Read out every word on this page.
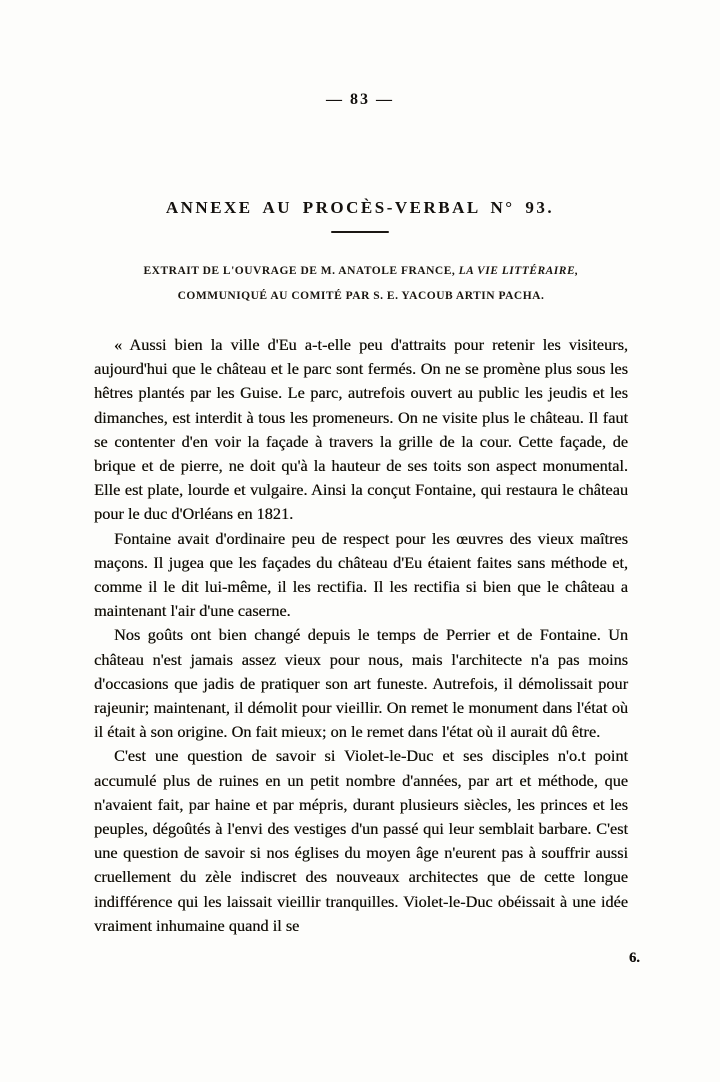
— 83 —
ANNEXE AU PROCÈS-VERBAL N° 93.
EXTRAIT DE L'OUVRAGE DE M. ANATOLE FRANCE, LA VIE LITTÉRAIRE,
COMMUNIQUÉ AU COMITÉ PAR S. E. YACOUB ARTIN PACHA.

« Aussi bien la ville d'Eu a-t-elle peu d'attraits pour retenir les visiteurs, aujourd'hui que le château et le parc sont fermés. On ne se promène plus sous les hêtres plantés par les Guise. Le parc, autrefois ouvert au public les jeudis et les dimanches, est interdit à tous les promeneurs. On ne visite plus le château. Il faut se contenter d'en voir la façade à travers la grille de la cour. Cette façade, de brique et de pierre, ne doit qu'à la hauteur de ses toits son aspect monumental. Elle est plate, lourde et vulgaire. Ainsi la conçut Fontaine, qui restaura le château pour le duc d'Orléans en 1821.

Fontaine avait d'ordinaire peu de respect pour les œuvres des vieux maîtres maçons. Il jugea que les façades du château d'Eu étaient faites sans méthode et, comme il le dit lui-même, il les rectifia. Il les rectifia si bien que le château a maintenant l'air d'une caserne.

Nos goûts ont bien changé depuis le temps de Perrier et de Fontaine. Un château n'est jamais assez vieux pour nous, mais l'architecte n'a pas moins d'occasions que jadis de pratiquer son art funeste. Autrefois, il démolissait pour rajeunir; maintenant, il démolit pour vieillir. On remet le monument dans l'état où il était à son origine. On fait mieux; on le remet dans l'état où il aurait dû être.

C'est une question de savoir si Violet-le-Duc et ses disciples n'o.t point accumulé plus de ruines en un petit nombre d'années, par art et méthode, que n'avaient fait, par haine et par mépris, durant plusieurs siècles, les princes et les peuples, dégoûtés à l'envi des vestiges d'un passé qui leur semblait barbare. C'est une question de savoir si nos églises du moyen âge n'eurent pas à souffrir aussi cruellement du zèle indiscret des nouveaux architectes que de cette longue indifférence qui les laissait vieillir tranquilles. Violet-le-Duc obéissait à une idée vraiment inhumaine quand il se

6.
